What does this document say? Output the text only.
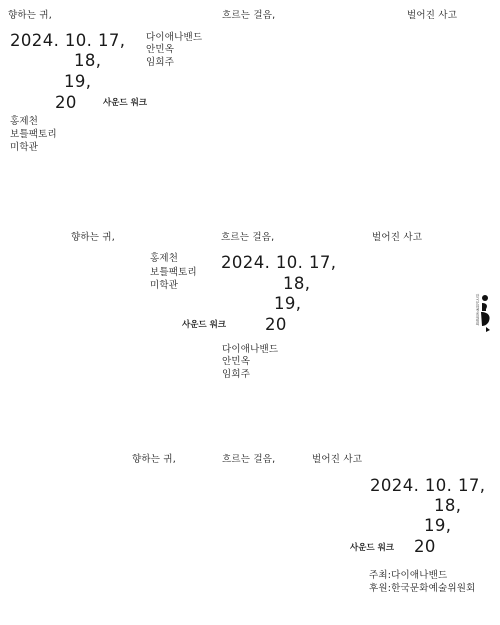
향하는 귀,	흐르는 걸음,	벌어진 사고
2024. 10. 17,
18,
19,
20
다이애나밴드
안민옥
임희주
사운드 워크
홍제천
보틀팩토리
미학관
향하는 귀,	흐르는 걸음,	벌어진 사고
홍제천
보틀팩토리
미학관
2024. 10. 17,
18,
19,
20
사운드 워크
다이애나밴드
안민옥
임희주
한국문화예술위원회
향하는 귀,	흐르는 걸음,	벌어진 사고
2024. 10. 17,
18,
19,
20
사운드 워크
주최:다이애나밴드
후원:한국문화예술위원회
